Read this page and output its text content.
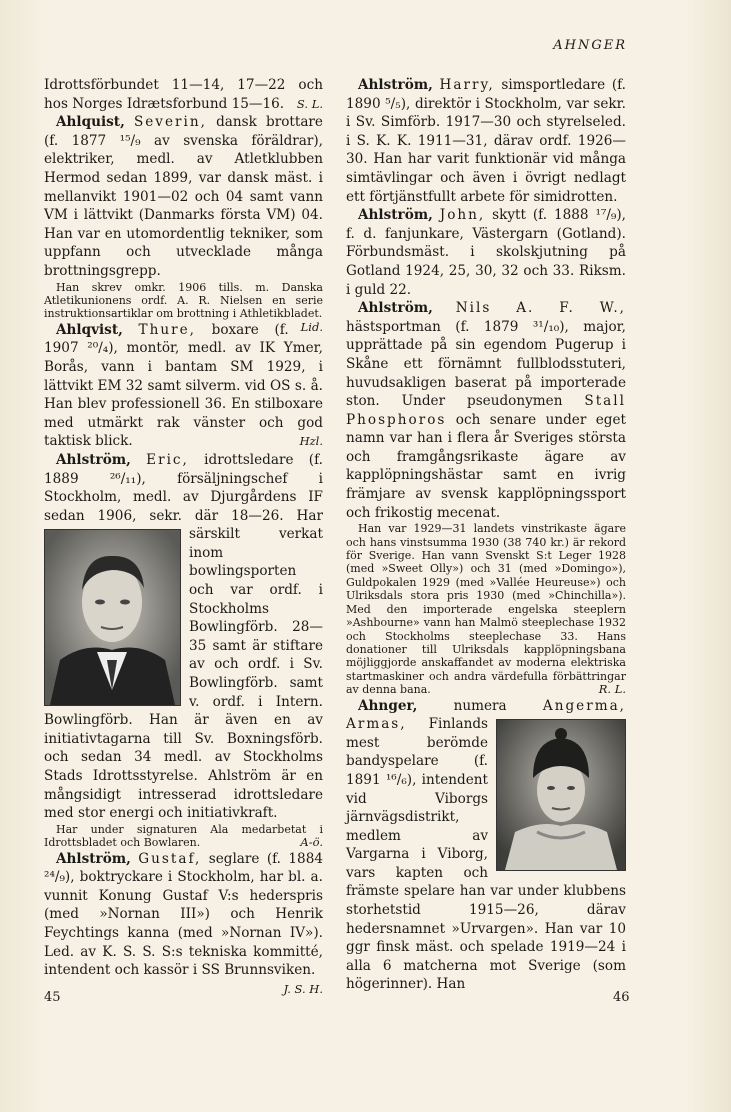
AHNGER

Idrottsförbundet 11—14, 17—22 och hos Norges Idrætsforbund 15—16. S. L.

Ahlquist, Severin, dansk brottare (f. 1877 ¹⁵/₉ av svenska föräldrar), elektriker, medl. av Atletklubben Hermod sedan 1899, var dansk mäst. i mellanvikt 1901—02 och 04 samt vann VM i lättvikt (Danmarks första VM) 04. Han var en utomordentlig tekniker, som uppfann och utvecklade många brottningsgrepp.

Han skrev omkr. 1906 tills. m. Danska Atletikunionens ordf. A. R. Nielsen en serie instruktionsartiklar om brottning i Athletikbladet.
Lid.

Ahlqvist, Thure, boxare (f. 1907 ²⁰/₄), montör, medl. av IK Ymer, Borås, vann i bantam SM 1929, i lättvikt EM 32 samt silverm. vid OS s. å. Han blev professionell 36. En stilboxare med utmärkt rak vänster och god taktisk blick.	Hzl.

Ahlström, Eric, idrottsledare (f. 1889 ²⁶/₁₁), försäljningschef i Stockholm, medl. av Djurgårdens IF sedan 1906, sekr. där 18—26. Har särskilt verkat inom bowlingsporten och var ordf. i Stockholms Bowlingförb. 28—35 samt är stiftare av och ordf. i Sv. Bowlingförb. samt v. ordf. i Intern. Bowlingförb. Han är även en av initiativtagarna till Sv. Boxningsförb. och sedan 34 medl. av Stockholms Stads Idrottsstyrelse. Ahlström är en mångsidigt intresserad idrottsledare med stor energi och initiativkraft.

Har under signaturen Ala medarbetat i Idrottsbladet och Bowlaren.	A-ö.

Ahlström, Gustaf, seglare (f. 1884 ²⁴/₉), boktryckare i Stockholm, har bl. a. vunnit Konung Gustaf V:s hederspris (med »Nornan III») och Henrik Feychtings kanna (med »Nornan IV»). Led. av K. S. S. S:s tekniska kommitté, intendent och kassör i SS Brunnsviken.
J. S. H.

Ahlström, Harry, simsportledare (f. 1890 ⁵/₅), direktör i Stockholm, var sekr. i Sv. Simförb. 1917—30 och styrelseled. i S. K. K. 1911—31, därav ordf. 1926—30. Han har varit funktionär vid många simtävlingar och även i övrigt nedlagt ett förtjänstfullt arbete för simidrotten.

Ahlström, John, skytt (f. 1888 ¹⁷/₉), f. d. fanjunkare, Västergarn (Gotland). Förbundsmäst. i skolskjutning på Gotland 1924, 25, 30, 32 och 33. Riksm. i guld 22.

Ahlström, Nils A. F. W., hästsportman (f. 1879 ³¹/₁₀), major, upprättade på sin egendom Pugerup i Skåne ett förnämnt fullblodsstuteri, huvudsakligen baserat på importerade ston. Under pseudonymen Stall Phosphoros och senare under eget namn var han i flera år Sveriges största och framgångsrikaste ägare av kapplöpningshästar samt en ivrig främjare av svensk kapplöpningssport och frikostig mecenat.

Han var 1929—31 landets vinstrikaste ägare och hans vinstsumma 1930 (38 740 kr.) är rekord för Sverige. Han vann Svenskt S:t Leger 1928 (med »Sweet Olly») och 31 (med »Domingo»), Guldpokalen 1929 (med »Vallée Heureuse») och Ulriksdals stora pris 1930 (med »Chinchilla»). Med den importerade engelska steeplern »Ashbourne» vann han Malmö steeplechase 1932 och Stockholms steeplechase 33. Hans donationer till Ulriksdals kapplöpningsbana möjliggjorde anskaffandet av moderna elektriska startmaskiner och andra värdefulla förbättringar av denna bana.	R. L.

Ahnger,	numera	Angerma, Armas, Finlands mest berömde bandyspelare (f. 1891 ¹⁶/₆), intendent vid Viborgs järnvägsdistrikt, medlem av Vargarna i Viborg, vars kapten och främste spelare han var under klubbens storhetstid 1915—26, därav hedersnamnet »Urvargen». Han var 10 ggr finsk mäst. och spelade 1919—24 i alla 6 matcherna mot Sverige (som högerinner). Han

45	46
